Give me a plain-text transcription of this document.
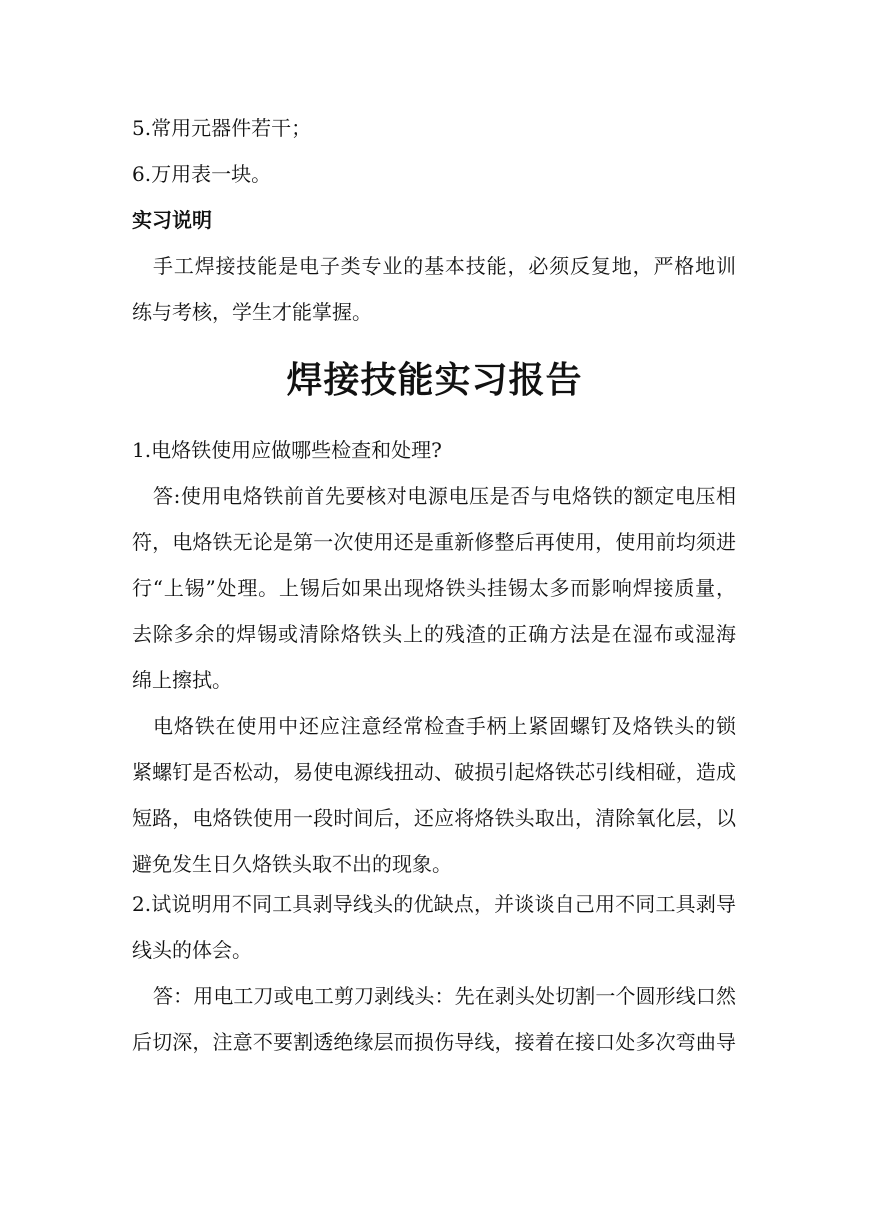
5.常用元器件若干；

6.万用表一块。

实习说明

手工焊接技能是电子类专业的基本技能，必须反复地，严格地训

练与考核，学生才能掌握。

焊接技能实习报告

1.电烙铁使用应做哪些检查和处理?

答:使用电烙铁前首先要核对电源电压是否与电烙铁的额定电压相

符，电烙铁无论是第一次使用还是重新修整后再使用，使用前均须进

行“上锡”处理。上锡后如果出现烙铁头挂锡太多而影响焊接质量，

去除多余的焊锡或清除烙铁头上的残渣的正确方法是在湿布或湿海

绵上擦拭。

电烙铁在使用中还应注意经常检查手柄上紧固螺钉及烙铁头的锁

紧螺钉是否松动，易使电源线扭动、破损引起烙铁芯引线相碰，造成

短路，电烙铁使用一段时间后，还应将烙铁头取出，清除氧化层，以

避免发生日久烙铁头取不出的现象。

2.试说明用不同工具剥导线头的优缺点，并谈谈自己用不同工具剥导

线头的体会。

答：用电工刀或电工剪刀剥线头：先在剥头处切割一个圆形线口然

后切深，注意不要割透绝缘层而损伤导线，接着在接口处多次弯曲导
